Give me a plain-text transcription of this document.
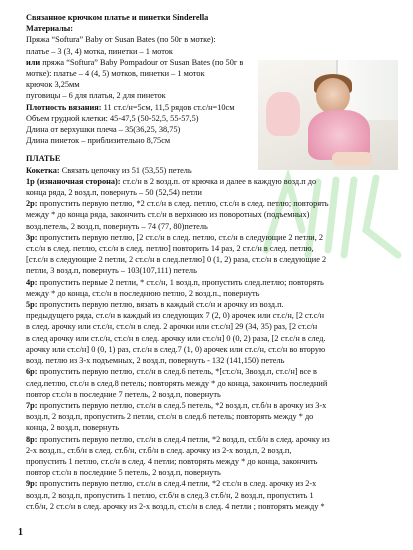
Связанное крючком платье и пинетки Sinderella
Материалы:
Пряжа “Softura” Baby от Susan Bates (по 50г в мотке):
платье – 3 (3, 4) мотка, пинетки – 1 моток
или пряжа “Softura” Baby Pompadour от Susan Bates (по 50г в
мотке): платье – 4 (4, 5) мотков, пинетки – 1 моток
крючок 3,25мм
пуговицы – 6 для платья, 2 для пинеток
Плотность вязания: 11 ст.с/н=5см, 11,5 рядов ст.с/н=10см
Объем грудной клетки: 45-47,5 (50-52,5, 55-57,5)
Длина от верхушки плеча – 35(36,25, 38,75)
Длина пинеток – приблизительно 8,75см
ПЛАТЬЕ
Кокетка: Связать цепочку из 51 (53,55) петель
1р (изнаночная сторона): ст.с/н в 2 возд.п. от крючка и далее в каждую возд.п до
конца ряда, 2 возд.п, повернуть – 50 (52,54) петли
2р: пропустить первую петлю, *2 ст.с/н в след. петлю, ст.с/н в след. петлю; повторять
между * до конца ряда, закончить ст.с/н в верхнюю из поворотных (подъемных)
возд.петель, 2 возд.п, повернуть – 74 (77, 80)петель
3р: пропустить первую петлю, [2 ст.с/н в след. петлю, ст.с/н в следующие 2 петли, 2
ст.с/н в след. петлю, ст.с/н в след. петлю] повторить 14 раз, 2 ст.с/н в след. петлю,
[ст.с/н в следующие 2 петли, 2 ст.с/н в след.петлю] 0 (1, 2) раза, ст.с/н в следующие 2
петли, 3 возд.п, повернуть – 103(107,111) петель
4р: пропустить первые 2 петли, * ст.с/н, 1 возд.п, пропустить след.петлю; повторять
между * до конца, ст.с/н в последнюю петлю, 2 возд.п., повернуть
5р: пропустить первую петлю, вязать в каждый ст.с/н и арочку из возд.п.
предыдущего ряда, ст.с/н в каждый из следующих 7 (2, 0) арочек или ст.с/н, [2 ст.с/н
в след. арочку или ст.с/н, ст.с/н в след. 2 арочки или ст.с/н] 29 (34, 35) раз, [2 ст.с/н
в след арочку или ст.с/н, ст.с/н в след. арочку или ст.с/н] 0 (0, 2) раза, [2 ст.с/н в след.
арочку или ст.с/н] 0 (0, 1) раз, ст.с/н в след.7 (1, 0) арочек или ст.с/н, ст.с/н во вторую
возд. петлю из 3-х подъемных, 2 возд.п, повернуть - 132 (141,150) петель
6р: пропустить первую петлю, ст.с/н в след.6 петель, *[ст.с/н, 3возд.п, ст.с/н] все в
след.петлю, ст.с/н в след.8 петель; повторять между * до конца, закончить последний
повтор ст.с/н в последние 7 петель, 2 возд.п, повернуть
7р: пропустить первую петлю, ст.с/н в след.5 петель, *2 возд.п, ст.б/н в арочку из 3-х
возд.п, 2 возд.п, пропустить 2 петли, ст.с/н в след.6 петель; повторять между * до
конца, 2 возд.п, повернуть
8р: пропустить первую петлю, ст.с/н в след.4 петли, *2 возд.п, ст.б/н в след. арочку из
2-х возд.п., ст.б/н в след. ст.б/н, ст.б/н в след. арочку из 2-х возд.п, 2 возд.п,
пропустить 1 петлю, ст.с/н в след. 4 петли; повторять между * до конца, закончить
повтор ст.с/н в последние 5 петель, 2 возд.п, повернуть
9р: пропустить первую петлю, ст.с/н в след.4 петли, *2 ст.с/н в след. арочку из 2-х
возд.п, 2 возд.п, пропустить 1 петлю, ст.б/н в след.3 ст.б/н, 2 возд.п, пропустить 1
ст.б/н, 2 ст.с/н в след. арочку из 2-х возд.п, ст.с/н в след. 4 петли ; повторять между *
1
